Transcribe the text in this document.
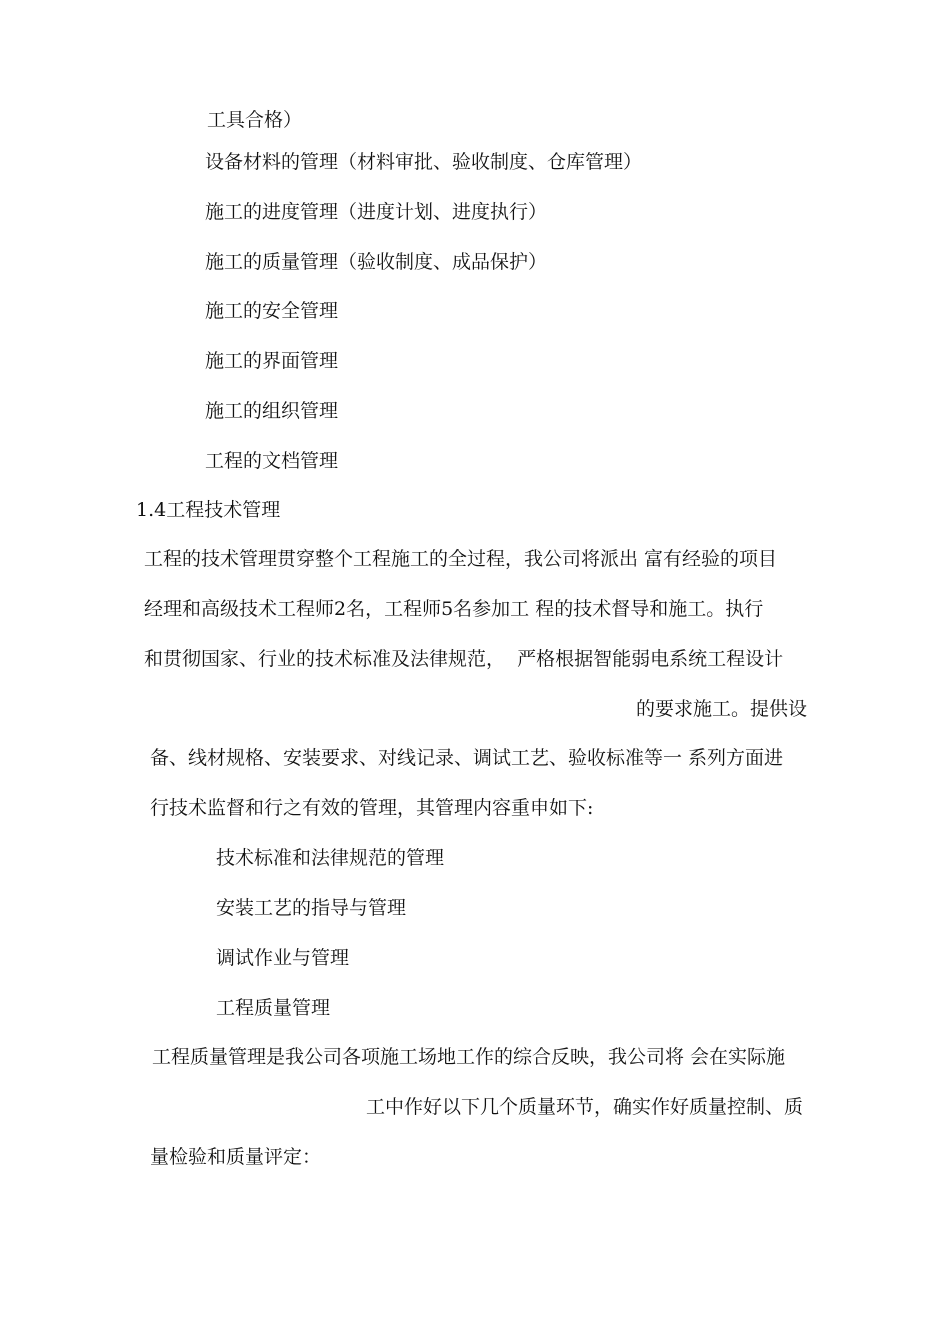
工具合格）
设备材料的管理（材料审批、验收制度、仓库管理）
施工的进度管理（进度计划、进度执行）
施工的质量管理（验收制度、成品保护）
施工的安全管理
施工的界面管理
施工的组织管理
工程的文档管理
1.4工程技术管理
工程的技术管理贯穿整个工程施工的全过程，我公司将派出 富有经验的项目
经理和高级技术工程师2名，工程师5名参加工 程的技术督导和施工。执行
和贯彻国家、行业的技术标准及法律规范，  严格根据智能弱电系统工程设计
的要求施工。提供设
备、线材规格、安装要求、对线记录、调试工艺、验收标准等一 系列方面进
行技术监督和行之有效的管理，其管理内容重申如下:
技术标准和法律规范的管理
安装工艺的指导与管理
调试作业与管理
工程质量管理
工程质量管理是我公司各项施工场地工作的综合反映，我公司将 会在实际施
工中作好以下几个质量环节，确实作好质量控制、质
量检验和质量评定：
